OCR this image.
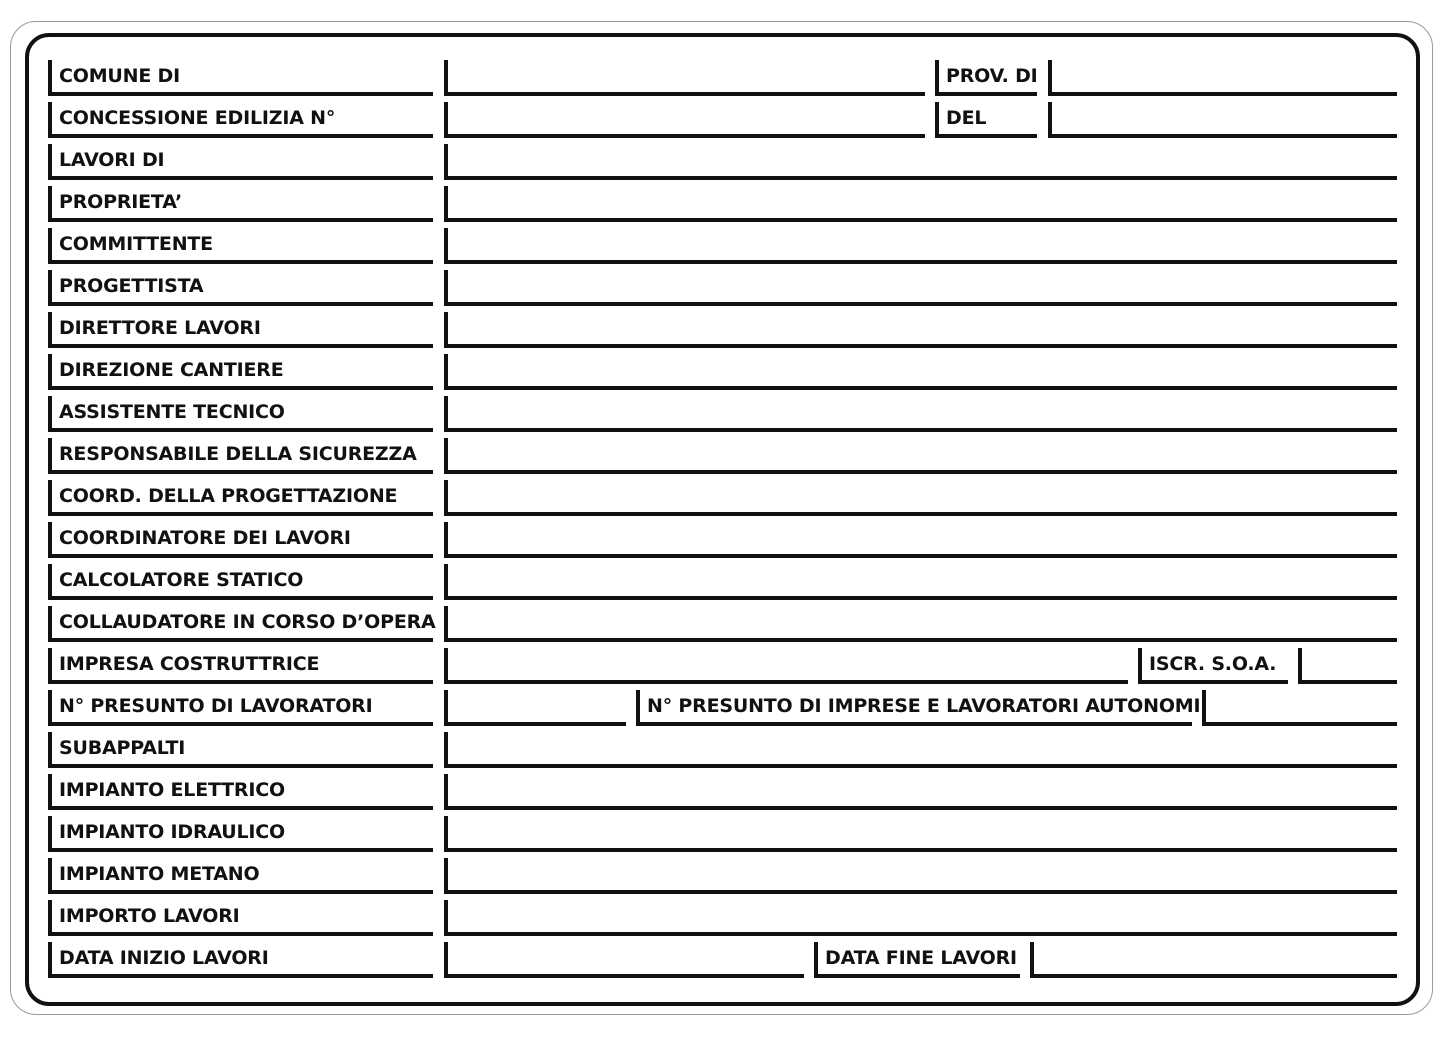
COMUNE DI	PROV. DI
CONCESSIONE EDILIZIA N°	DEL
LAVORI DI
PROPRIETA’
COMMITTENTE
PROGETTISTA
DIRETTORE LAVORI
DIREZIONE CANTIERE
ASSISTENTE TECNICO
RESPONSABILE DELLA SICUREZZA
COORD. DELLA PROGETTAZIONE
COORDINATORE DEI LAVORI
CALCOLATORE STATICO
COLLAUDATORE IN CORSO D’OPERA
IMPRESA COSTRUTTRICE	ISCR. S.O.A.
N° PRESUNTO DI LAVORATORI	N° PRESUNTO DI IMPRESE E LAVORATORI AUTONOMI
SUBAPPALTI
IMPIANTO ELETTRICO
IMPIANTO IDRAULICO
IMPIANTO METANO
IMPORTO LAVORI
DATA INIZIO LAVORI	DATA FINE LAVORI
